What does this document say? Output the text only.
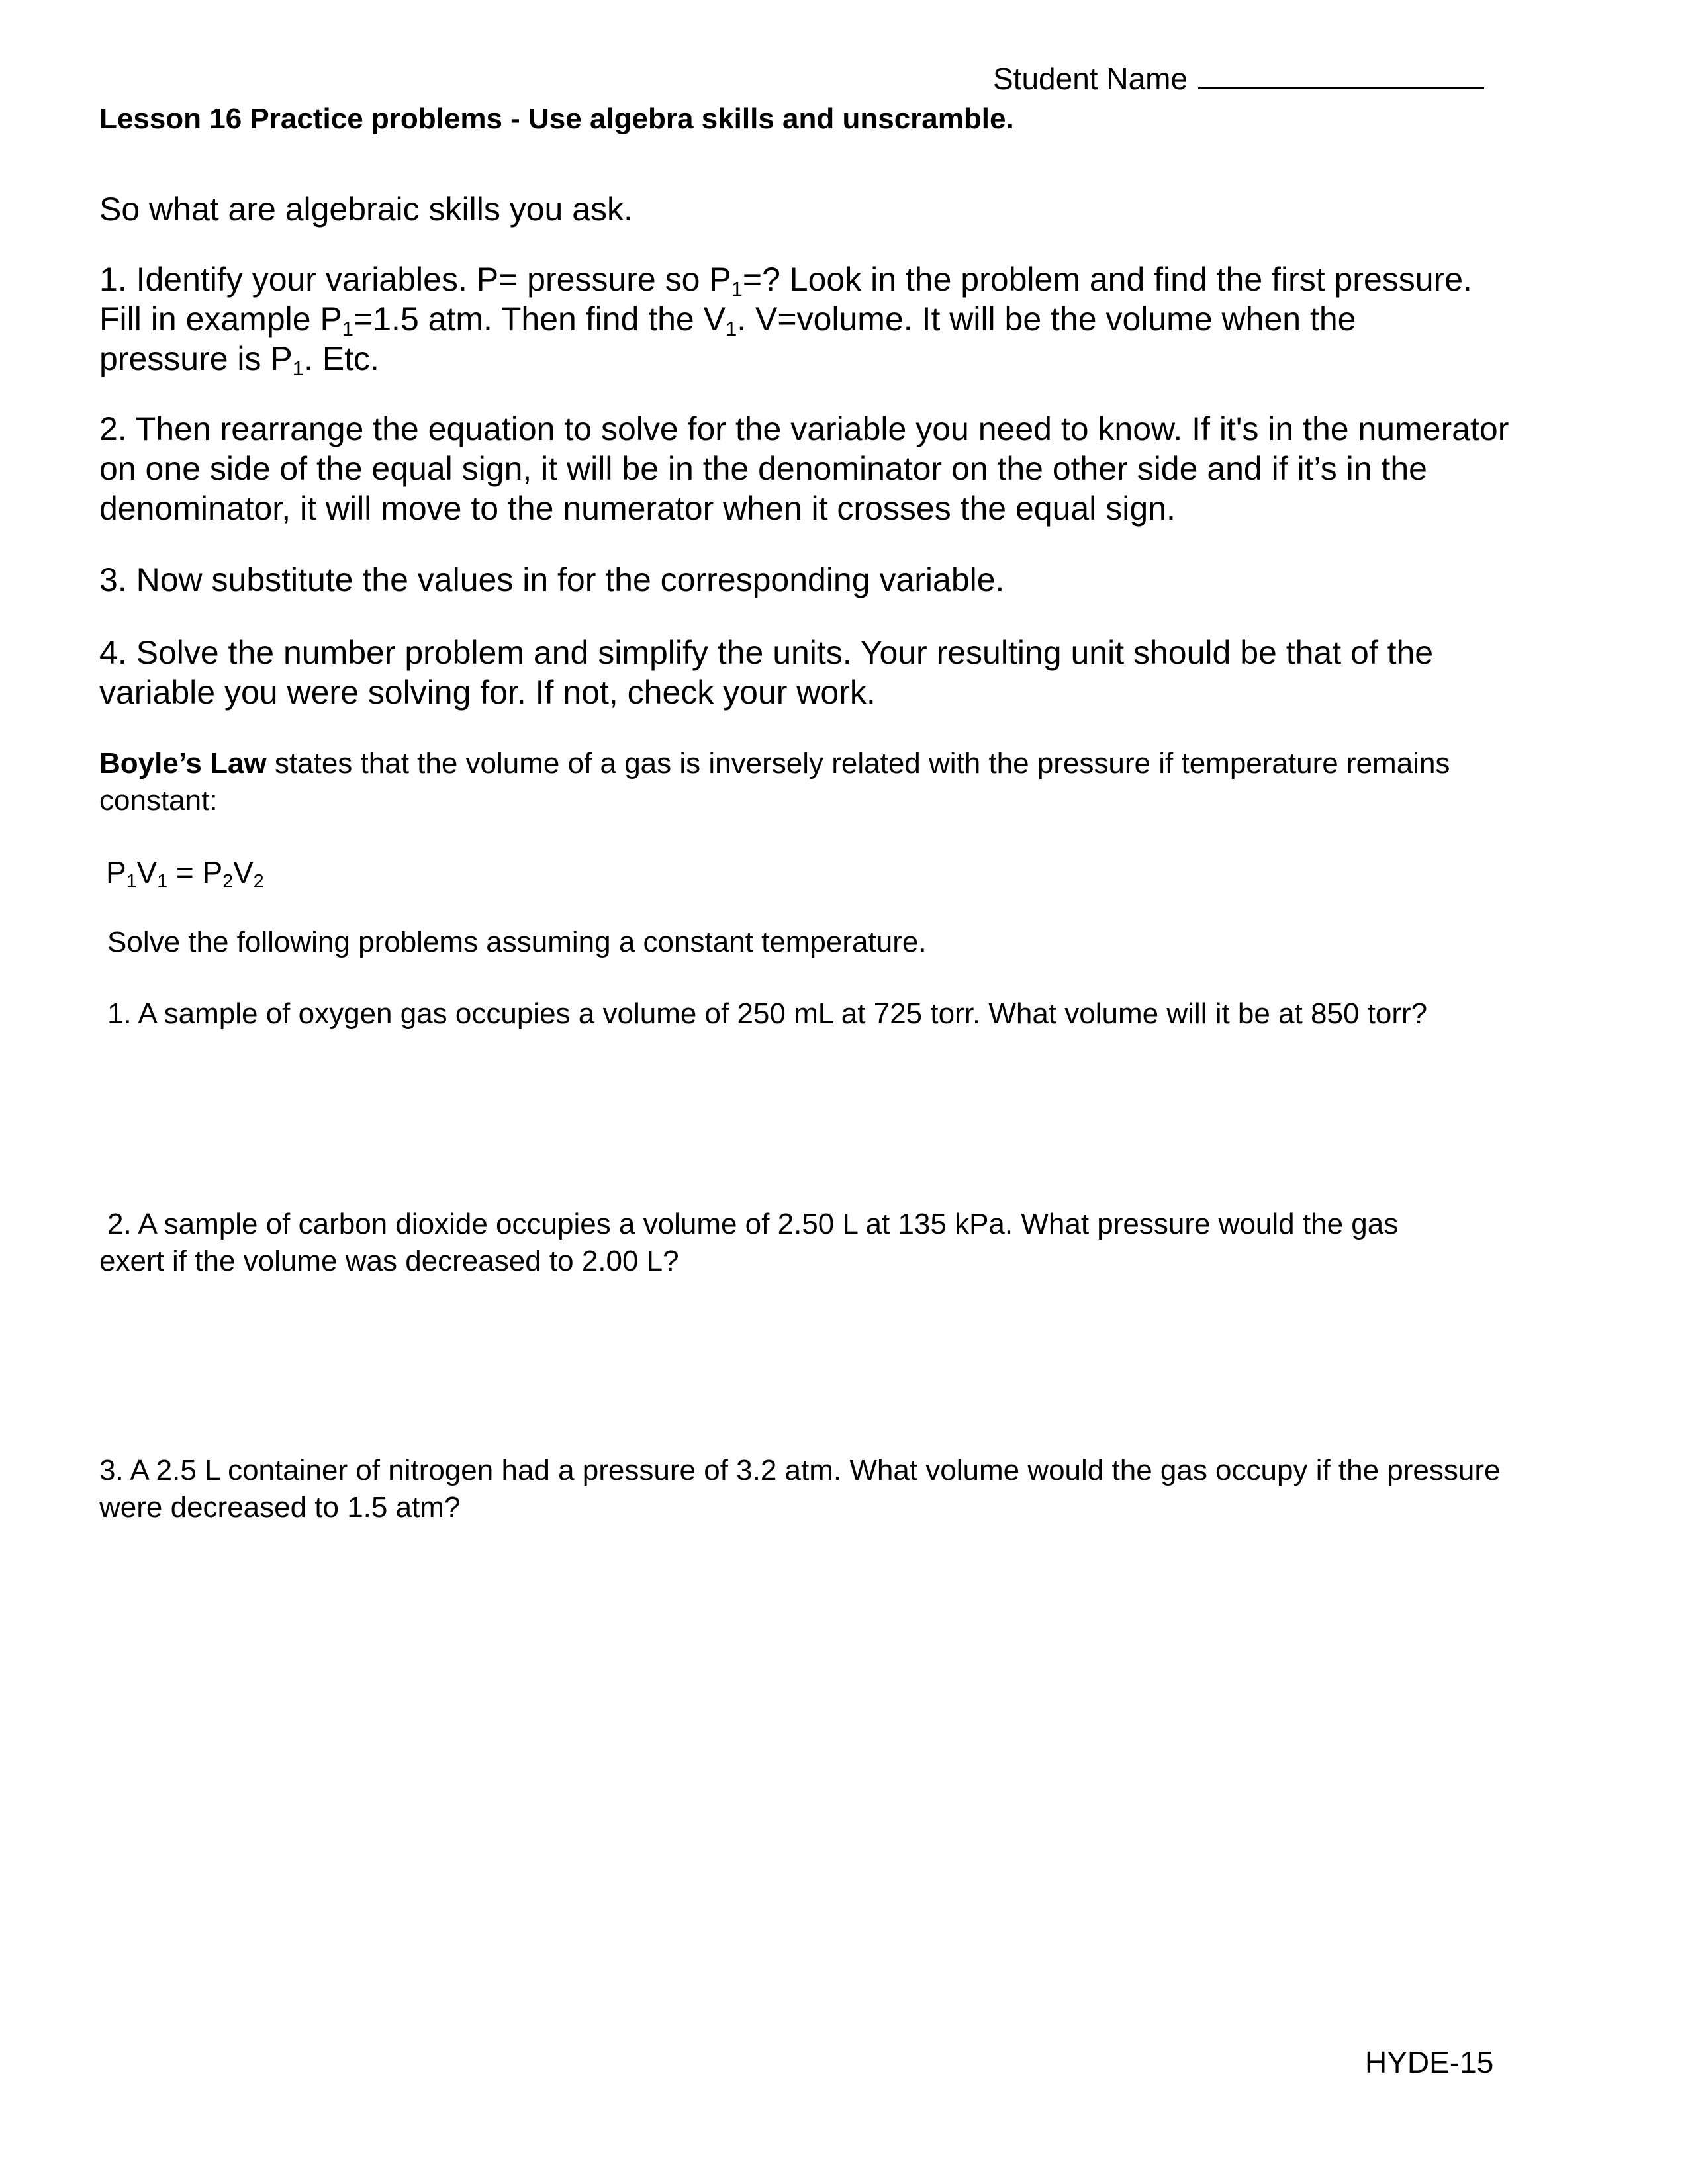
Student Name
Lesson 16 Practice problems - Use algebra skills and unscramble.
So what are algebraic skills you ask.

1. Identify your variables. P= pressure so $P_1=$? Look in the problem and find the first pressure.

Fill in example $P_1=1.5$ atm. Then find the $V_1$. V=volume. It will be the volume when the

pressure is $P_1$. Etc.

2. Then rearrange the equation to solve for the variable you need to know. If it's in the numerator on one side of the equal sign, it will be in the denominator on the other side and if it’s in the denominator, it will move to the numerator when it crosses the equal sign.
3. Now substitute the values in for the corresponding variable.
4. Solve the number problem and simplify the units. Your resulting unit should be that of the variable you were solving for. If not, check your work.
Boyle’s Law states that the volume of a gas is inversely related with the pressure if temperature remains constant:
$P_1V_1 = P_2V_2$
Solve the following problems assuming a constant temperature.
1. A sample of oxygen gas occupies a volume of 250 mL at 725 torr. What volume will it be at 850 torr?
2. A sample of carbon dioxide occupies a volume of 2.50 L at 135 kPa. What pressure would the gas
exert if the volume was decreased to 2.00 L?
3. A 2.5 L container of nitrogen had a pressure of 3.2 atm. What volume would the gas occupy if the pressure
were decreased to 1.5 atm?
HYDE-15
